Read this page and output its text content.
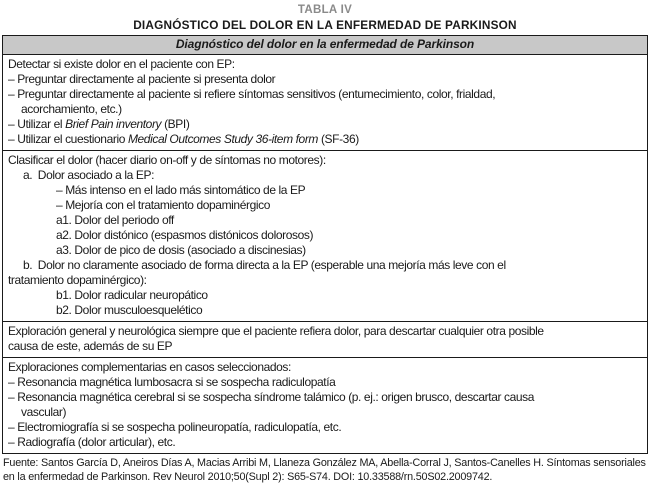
TABLA IV
DIAGNÓSTICO DEL DOLOR EN LA ENFERMEDAD DE PARKINSON
Diagnóstico del dolor en la enfermedad de Parkinson
Detectar si existe dolor en el paciente con EP:
– Preguntar directamente al paciente si presenta dolor
– Preguntar directamente al paciente si refiere síntomas sensitivos (entumecimiento, color, frialdad,
acorchamiento, etc.)
– Utilizar el Brief Pain inventory (BPI)
– Utilizar el cuestionario Medical Outcomes Study 36-item form (SF-36)
Clasificar el dolor (hacer diario on-off y de síntomas no motores):
a. Dolor asociado a la EP:
– Más intenso en el lado más sintomático de la EP
– Mejoría con el tratamiento dopaminérgico
a1. Dolor del periodo off
a2. Dolor distónico (espasmos distónicos dolorosos)
a3. Dolor de pico de dosis (asociado a discinesias)
b. Dolor no claramente asociado de forma directa a la EP (esperable una mejoría más leve con el
tratamiento dopaminérgico):
b1. Dolor radicular neuropático
b2. Dolor musculoesquelético
Exploración general y neurológica siempre que el paciente refiera dolor, para descartar cualquier otra posible
causa de este, además de su EP
Exploraciones complementarias en casos seleccionados:
– Resonancia magnética lumbosacra si se sospecha radiculopatía
– Resonancia magnética cerebral si se sospecha síndrome talámico (p. ej.: origen brusco, descartar causa
vascular)
– Electromiografía si se sospecha polineuropatía, radiculopatía, etc.
– Radiografía (dolor articular), etc.
Fuente: Santos García D, Aneiros Días A, Macias Arribi M, Llaneza González MA, Abella-Corral J, Santos-Canelles H. Síntomas sensoriales en la enfermedad de Parkinson. Rev Neurol 2010;50(Supl 2): S65-S74. DOI: 10.33588/rn.50S02.2009742.
